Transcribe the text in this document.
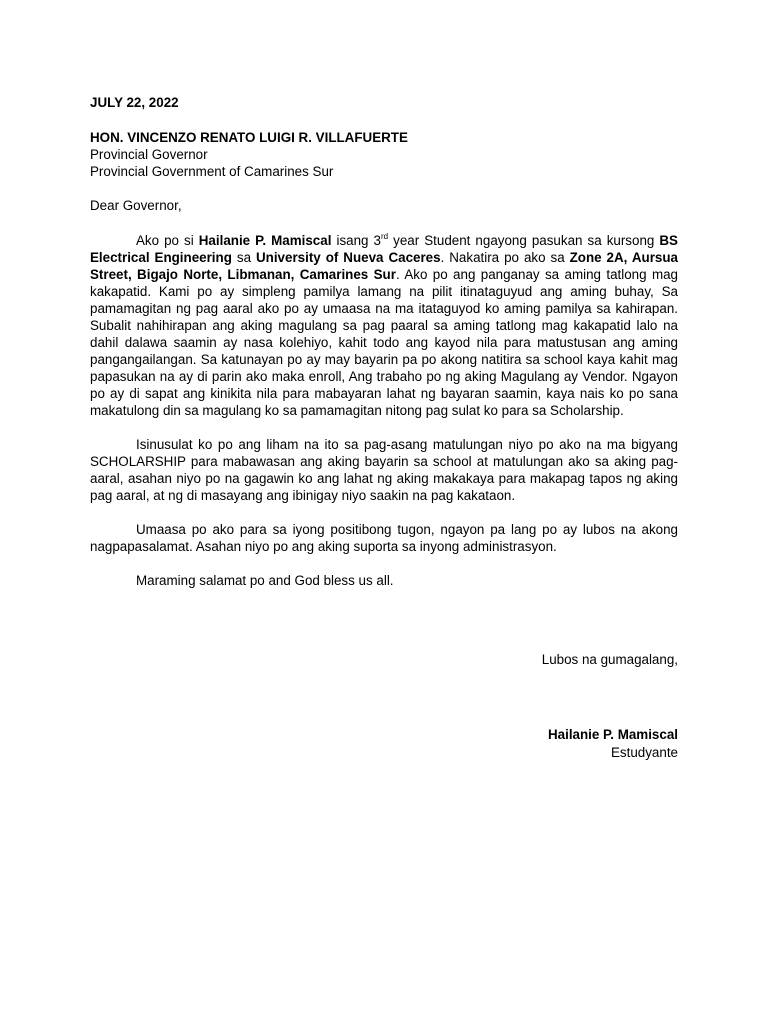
JULY 22, 2022

HON. VINCENZO RENATO LUIGI R. VILLAFUERTE

Provincial Governor

Provincial Government of Camarines Sur

Dear Governor,

Ako po si Hailanie P. Mamiscal isang 3rd year Student ngayong pasukan sa kursong BS Electrical Engineering sa University of Nueva Caceres. Nakatira po ako sa Zone 2A, Aursua Street, Bigajo Norte, Libmanan, Camarines Sur. Ako po ang panganay sa aming tatlong mag kakapatid. Kami po ay simpleng pamilya lamang na pilit itinataguyud ang aming buhay, Sa pamamagitan ng pag aaral ako po ay umaasa na ma itataguyod ko aming pamilya sa kahirapan. Subalit nahihirapan ang aking magulang sa pag paaral sa aming tatlong mag kakapatid lalo na dahil dalawa saamin ay nasa kolehiyo, kahit todo ang kayod nila para matustusan ang aming pangangailangan. Sa katunayan po ay may bayarin pa po akong natitira sa school kaya kahit mag papasukan na ay di parin ako maka enroll, Ang trabaho po ng aking Magulang ay Vendor. Ngayon po ay di sapat ang kinikita nila para mabayaran lahat ng bayaran saamin, kaya nais ko po sana makatulong din sa magulang ko sa pamamagitan nitong pag sulat ko para sa Scholarship.

Isinusulat ko po ang liham na ito sa pag-asang matulungan niyo po ako na ma bigyang SCHOLARSHIP para mabawasan ang aking bayarin sa school at matulungan ako sa aking pag-aaral, asahan niyo po na gagawin ko ang lahat ng aking makakaya para makapag tapos ng aking pag aaral, at ng di masayang ang ibinigay niyo saakin na pag kakataon.

Umaasa po ako para sa iyong positibong tugon, ngayon pa lang po ay lubos na akong nagpapasalamat. Asahan niyo po ang aking suporta sa inyong administrasyon.

Maraming salamat po and God bless us all.

Lubos na gumagalang,
Hailanie P. Mamiscal
Estudyante
